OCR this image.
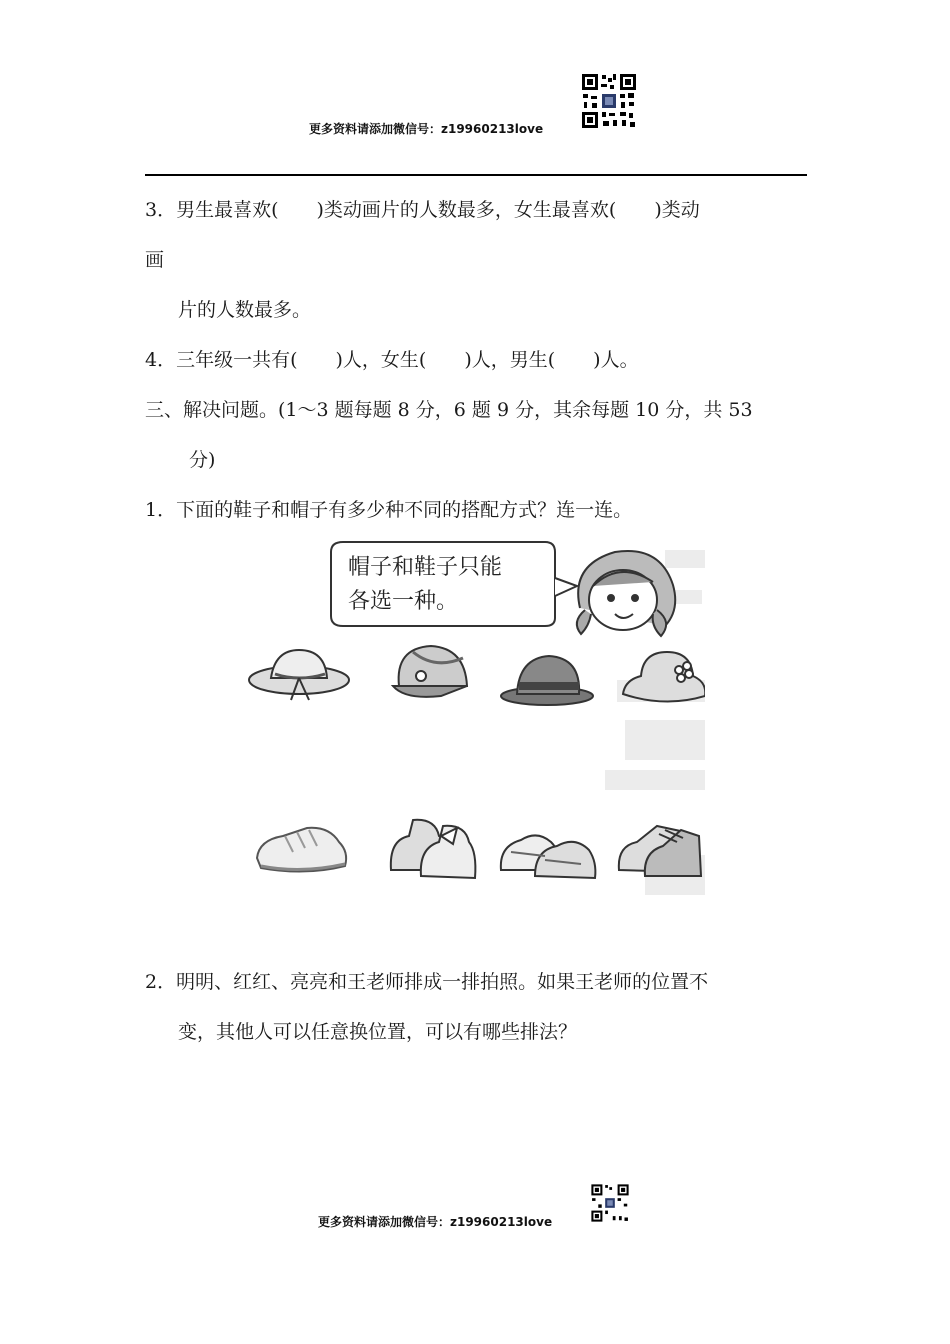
更多资料请添加微信号：z19960213love
3．男生最喜欢(　　)类动画片的人数最多，女生最喜欢(　　)类动
画
片的人数最多。
4．三年级一共有(　　)人，女生(　　)人，男生(　　)人。
三、解决问题。(1～3 题每题 8 分，6 题 9 分，其余每题 10 分，共 53
分)
1．下面的鞋子和帽子有多少种不同的搭配方式？连一连。
帽子和鞋子只能
各选一种。
2．明明、红红、亮亮和王老师排成一排拍照。如果王老师的位置不
变，其他人可以任意换位置，可以有哪些排法？
更多资料请添加微信号：z19960213love
